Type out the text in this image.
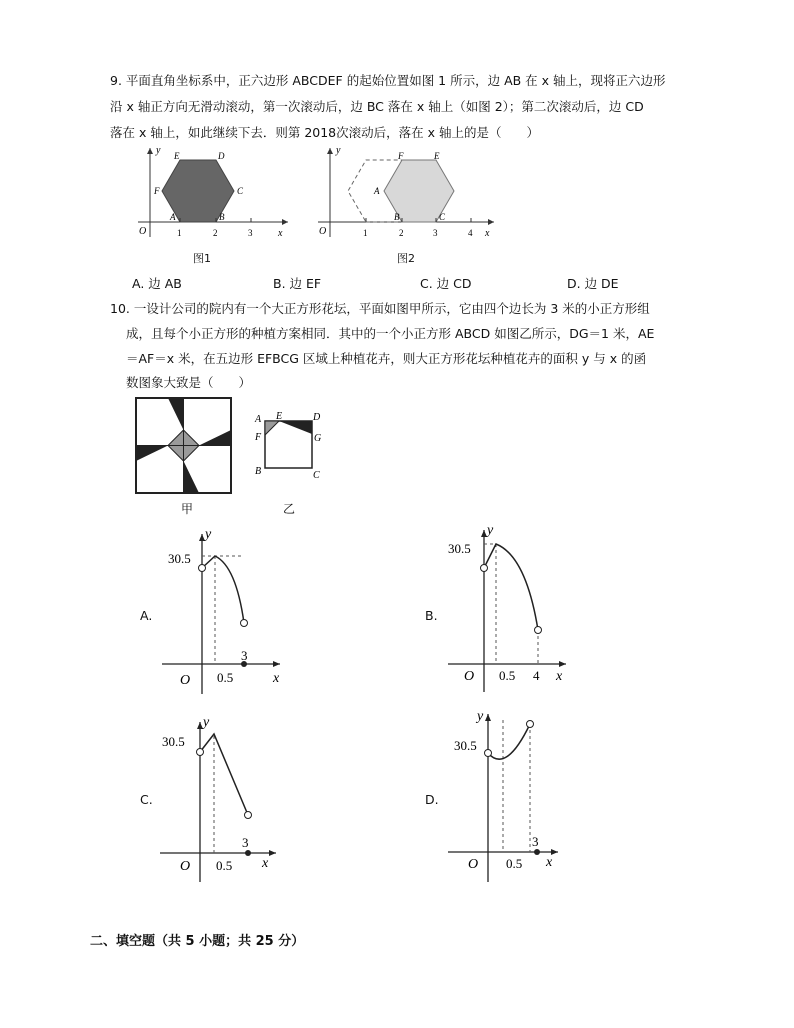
9. 平面直角坐标系中，正六边形 ABCDEF 的起始位置如图 1 所示，边 AB 在 x 轴上，现将正六边形
沿 x 轴正方向无滑动滚动，第一次滚动后，边 BC 落在 x 轴上（如图 2）；第二次滚动后，边 CD
落在 x 轴上，如此继续下去．则第 2018次滚动后，落在 x 轴上的是（　　）
y
x
O	1	2	3
A	B
C
D
E
F
图1
y
x
O	1	2	3	4
A
B	C
E
F
图2
A. 边 AB	B. 边 EF	C. 边 CD	D. 边 DE
10. 一设计公司的院内有一个大正方形花坛，平面如图甲所示，它由四个边长为 3 米的小正方形组
成，且每个小正方形的种植方案相同．其中的一个小正方形 ABCD 如图乙所示，DG＝1 米，AE
＝AF＝x 米，在五边形 EFBCG 区域上种植花卉，则大正方形花坛种植花卉的面积 y 与 x 的函
数图象大致是（　　）
甲
A E	D
F	G
B	C
乙
A.
y
x
O
30.5
0.5
3
B.
y
x
O
30.5
0.5 4
C.
y
x
O
30.5
0.5
3
D.
y
x
O
30.5
0.5
3
二、填空题（共 5 小题；共 25 分）
